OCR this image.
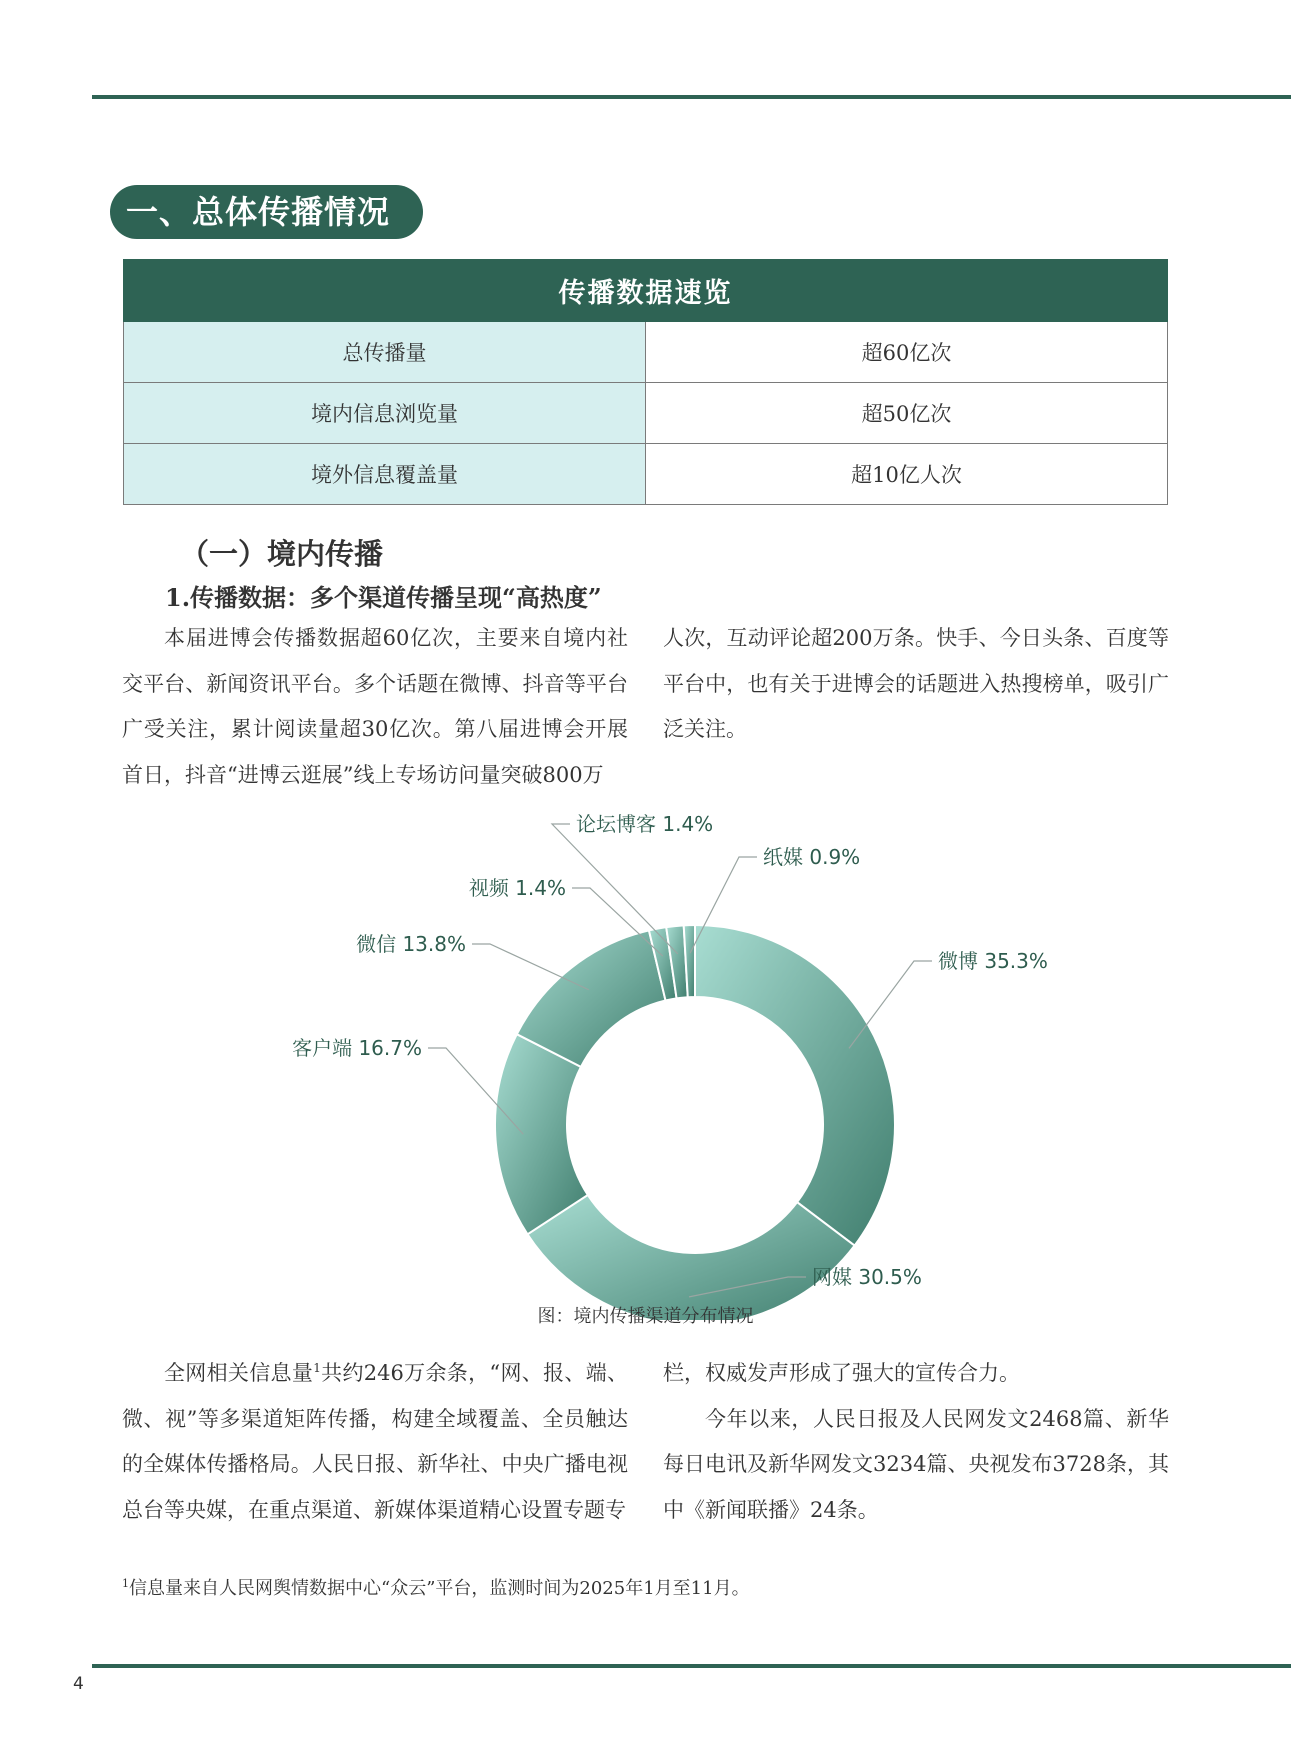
一、总体传播情况
传播数据速览	
总传播量	超60亿次
境内信息浏览量	超50亿次
境外信息覆盖量	超10亿人次
（一）境内传播
1.传播数据：多个渠道传播呈现“高热度”

本届进博会传播数据超60亿次，主要来自境内社交平台、新闻资讯平台。多个话题在微博、抖音等平台广受关注，累计阅读量超30亿次。第八届进博会开展首日，抖音“进博云逛展”线上专场访问量突破800万

人次，互动评论超200万条。快手、今日头条、百度等平台中，也有关于进博会的话题进入热搜榜单，吸引广泛关注。

微博 35.3%
网媒 30.5%
客户端 16.7%
微信 13.8%
视频 1.4%
论坛博客 1.4%
纸媒 0.9%
图：境内传播渠道分布情况

全网相关信息量$^1$共约246万余条，“网、报、端、微、视”等多渠道矩阵传播，构建全域覆盖、全员触达的全媒体传播格局。人民日报、新华社、中央广播电视总台等央媒，在重点渠道、新媒体渠道精心设置专题专

栏，权威发声形成了强大的宣传合力。

今年以来，人民日报及人民网发文2468篇、新华每日电讯及新华网发文3234篇、央视发布3728条，其中《新闻联播》24条。

$^1$信息量来自人民网舆情数据中心“众云”平台，监测时间为2025年1月至11月。
4
